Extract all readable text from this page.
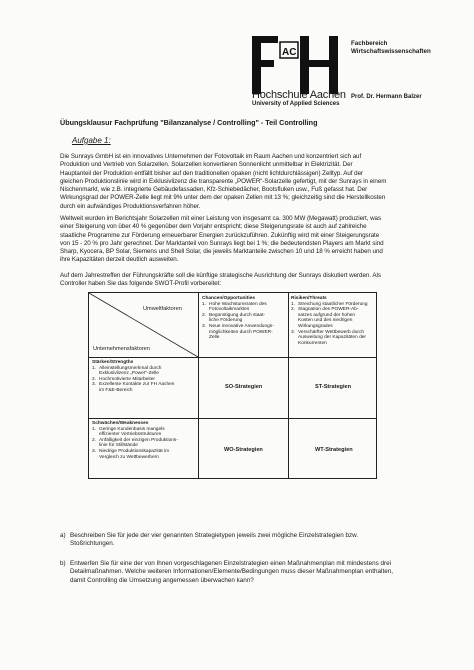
AC
Hochschule Aachen
University of Applied Sciences
Fachbereich
Wirtschaftswissenschaften
Prof. Dr. Hermann Balzer
Übungsklausur Fachprüfung "Bilanzanalyse / Controlling" - Teil Controlling
Aufgabe 1:
Die Sunrays GmbH ist ein innovatives Unternehmen der Fotovoltaik im Raum Aachen und konzentriert sich auf
Produktion und Vertrieb von Solarzellen. Solarzellen konvertieren Sonnenlicht unmittelbar in Elektrizität. Der
Hauptanteil der Produktion entfällt bisher auf den traditionellen opaken (nicht lichtdurchlässigen) Zelltyp. Auf der
gleichen Produktionslinie wird in Exklusivlizenz die transparente „POWER“-Solarzelle gefertigt, mit der Sunrays in einem
Nischenmarkt, wie z.B. integrierte Gebäudefassaden, Kfz-Schiebedächer, Bootsfluken usw., Fuß gefasst hat. Der
Wirkungsgrad der POWER-Zelle liegt mit 9% unter dem der opaken Zellen mit 13 %; gleichzeitig sind die Herstellkosten
durch ein aufwändiges Produktionsverfahren höher.
Weltweit wurden im Berichtsjahr Solarzellen mit einer Leistung von insgesamt ca. 300 MW (Megawatt) produziert, was
einer Steigerung von über 40 % gegenüber dem Vorjahr entspricht; diese Steigerungsrate ist auch auf zahlreiche
staatliche Programme zur Förderung erneuerbarer Energien zurückzuführen. Zukünftig wird mit einer Steigerungsrate
von 15 - 20 % pro Jahr gerechnet. Der Marktanteil von Sunrays liegt bei 1 %; die bedeutendsten Players am Markt sind
Sharp, Kyocera, BP Solar, Siemens und Shell Solar, die jeweils Marktanteile zwischen 10 und 18 % erreicht haben und
ihre Kapazitäten derzeit deutlich ausweiten.
Auf dem Jahrestreffen der Führungskräfte soll die künftige strategische Ausrichtung der Sunrays diskutiert werden. Als
Controller haben Sie das folgende SWOT-Profil vorbereitet:
Umweltfaktoren
Unternehmensfaktoren
Chancen/Opportunities
1. Hohe Wachstumsraten des
Fotovoltaikmarktes
2. Begünstigung durch staat-
liche Förderung
3. Neue innovative Anwendungs-
möglichkeiten durch POWER-
Zelle
Risiken/Threats
1. Streichung staatlicher Förderung
2. Stagnation des POWER-Ab-
satzes aufgrund der hohen
Kosten und des niedrigen
Wirkungsgrades
3. Verschärfter Wettbewerb durch
Ausweitung der Kapazitäten der
Konkurrenten
Stärken/Strengths
1. Alleinstellungsmerkmal durch
Exklusivlizenz „Power“-Zelle
2. Hochmotivierte Mitarbeiter
3. Exzellente Kontakte zur FH Aachen
im F&E-Bereich
Schwächen/Weaknesses
1. Geringe Kundenbasis mangels
effizienter Vertriebsstrukturen
2. Anfälligkeit der einzigen Produktions-
linie für Stillstände
3. Niedrige Produktionskapazität im
Vergleich zu Wettbewerbern
SO-Strategien	ST-Strategien
WO-Strategien	WT-Strategien
a) Beschreiben Sie für jede der vier genannten Strategietypen jeweils zwei mögliche Einzelstrategien bzw.
Stoßrichtungen.
b) Entwerfen Sie für eine der von Ihnen vorgeschlagenen Einzelstrategien einen Maßnahmenplan mit mindestens drei
Detailmaßnahmen. Welche weiteren Informationen/Elemente/Bedingungen muss dieser Maßnahmenplan enthalten,
damit Controlling die Umsetzung angemessen überwachen kann?
